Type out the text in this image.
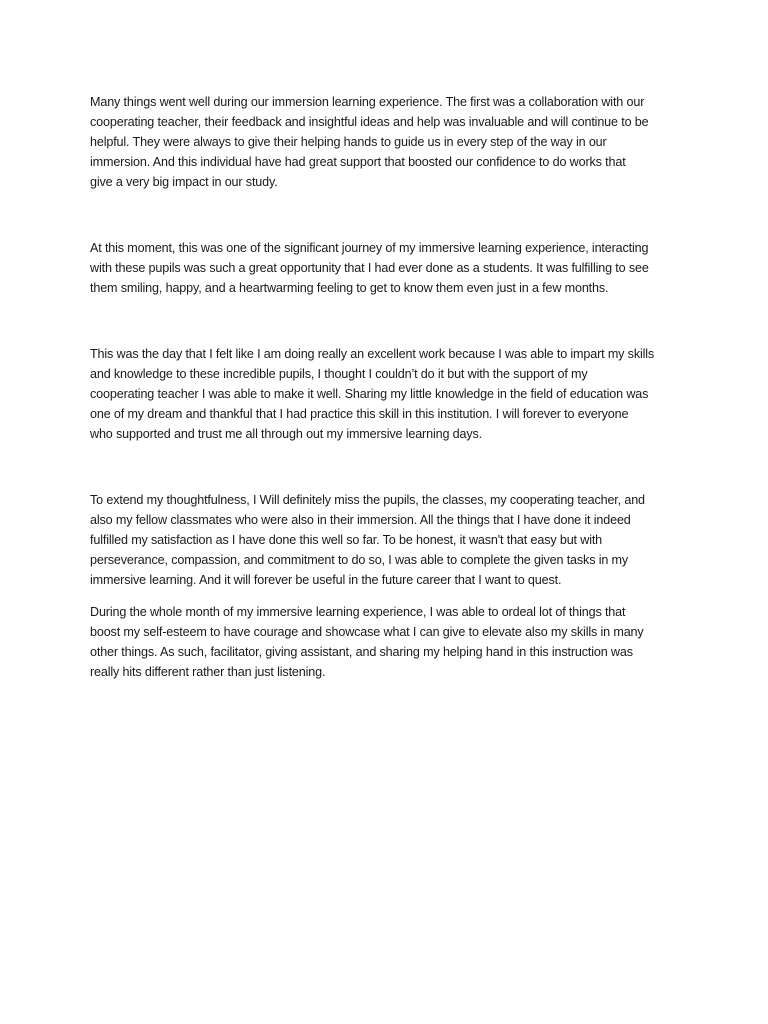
Many things went well during our immersion learning experience. The first was a collaboration with our
cooperating teacher, their feedback and insightful ideas and help was invaluable and will continue to be
helpful. They were always to give their helping hands to guide us in every step of the way in our
immersion. And this individual have had great support that boosted our confidence to do works that
give a very big impact in our study.

At this moment, this was one of the significant journey of my immersive learning experience, interacting
with these pupils was such a great opportunity that I had ever done as a students. It was fulfilling to see
them smiling, happy, and a heartwarming feeling to get to know them even just in a few months.

This was the day that I felt like I am doing really an excellent work because I was able to impart my skills
and knowledge to these incredible pupils, I thought I couldn’t do it but with the support of my
cooperating teacher I was able to make it well. Sharing my little knowledge in the field of education was
one of my dream and thankful that I had practice this skill in this institution. I will forever to everyone
who supported and trust me all through out my immersive learning days.

To extend my thoughtfulness, I Will definitely miss the pupils, the classes, my cooperating teacher, and
also my fellow classmates who were also in their immersion. All the things that I have done it indeed
fulfilled my satisfaction as I have done this well so far. To be honest, it wasn't that easy but with
perseverance, compassion, and commitment to do so, I was able to complete the given tasks in my
immersive learning. And it will forever be useful in the future career that I want to quest.

During the whole month of my immersive learning experience, I was able to ordeal lot of things that
boost my self-esteem to have courage and showcase what I can give to elevate also my skills in many
other things. As such, facilitator, giving assistant, and sharing my helping hand in this instruction was
really hits different rather than just listening.
